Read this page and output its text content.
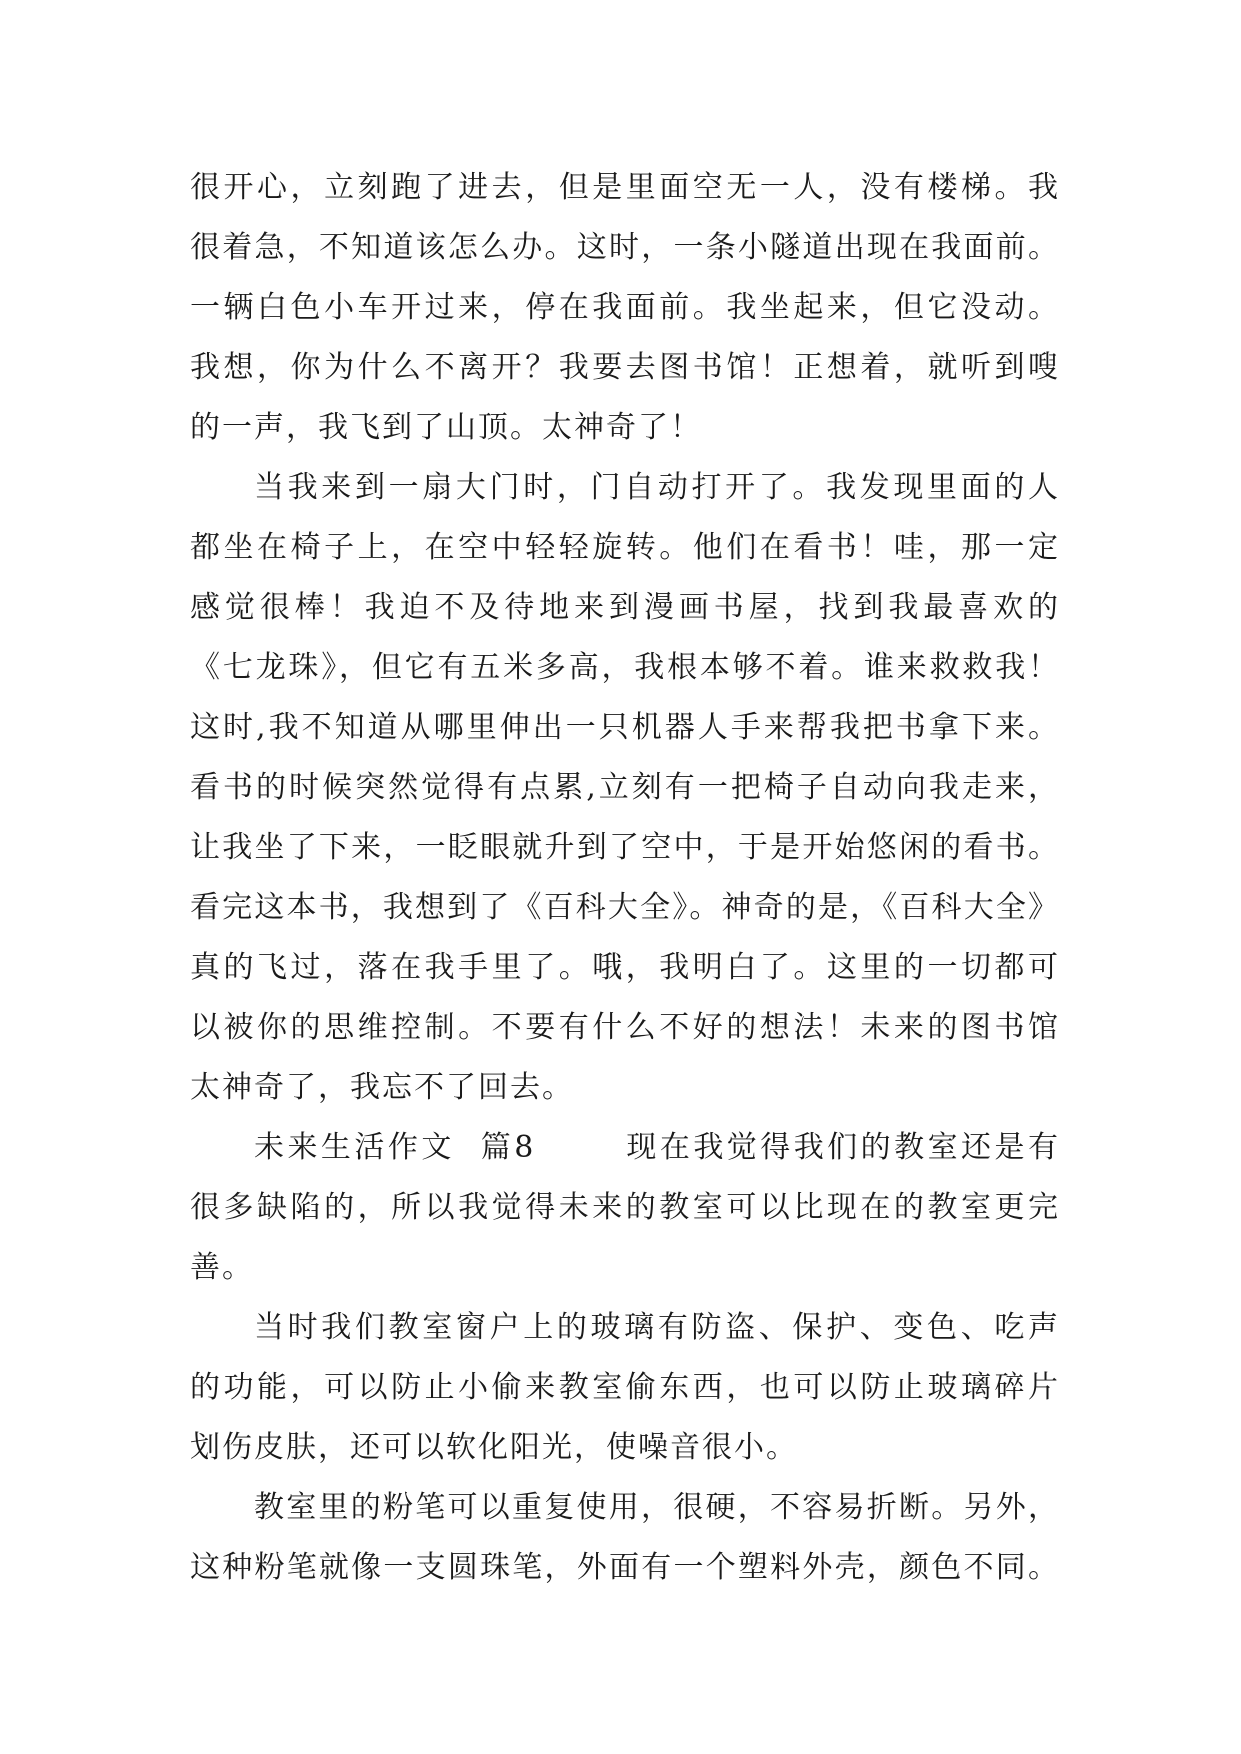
很开心，立刻跑了进去，但是里面空无一人，没有楼梯。我
很着急，不知道该怎么办。这时，一条小隧道出现在我面前。
一辆白色小车开过来，停在我面前。我坐起来，但它没动。
我想，你为什么不离开？我要去图书馆！正想着，就听到嗖
的一声，我飞到了山顶。太神奇了！
当我来到一扇大门时，门自动打开了。我发现里面的人
都坐在椅子上，在空中轻轻旋转。他们在看书！哇，那一定
感觉很棒！我迫不及待地来到漫画书屋，找到我最喜欢的
《七龙珠》，但它有五米多高，我根本够不着。谁来救救我！
这时,我不知道从哪里伸出一只机器人手来帮我把书拿下来。
看书的时候突然觉得有点累,立刻有一把椅子自动向我走来，
让我坐了下来，一眨眼就升到了空中，于是开始悠闲的看书。
看完这本书，我想到了《百科大全》。神奇的是，《百科大全》
真的飞过，落在我手里了。哦，我明白了。这里的一切都可
以被你的思维控制。不要有什么不好的想法！未来的图书馆
太神奇了，我忘不了回去。
未来生活作文  篇8       现在我觉得我们的教室还是有
很多缺陷的，所以我觉得未来的教室可以比现在的教室更完
善。
当时我们教室窗户上的玻璃有防盗、保护、变色、吃声
的功能，可以防止小偷来教室偷东西，也可以防止玻璃碎片
划伤皮肤，还可以软化阳光，使噪音很小。
教室里的粉笔可以重复使用，很硬，不容易折断。另外，
这种粉笔就像一支圆珠笔，外面有一个塑料外壳，颜色不同。
